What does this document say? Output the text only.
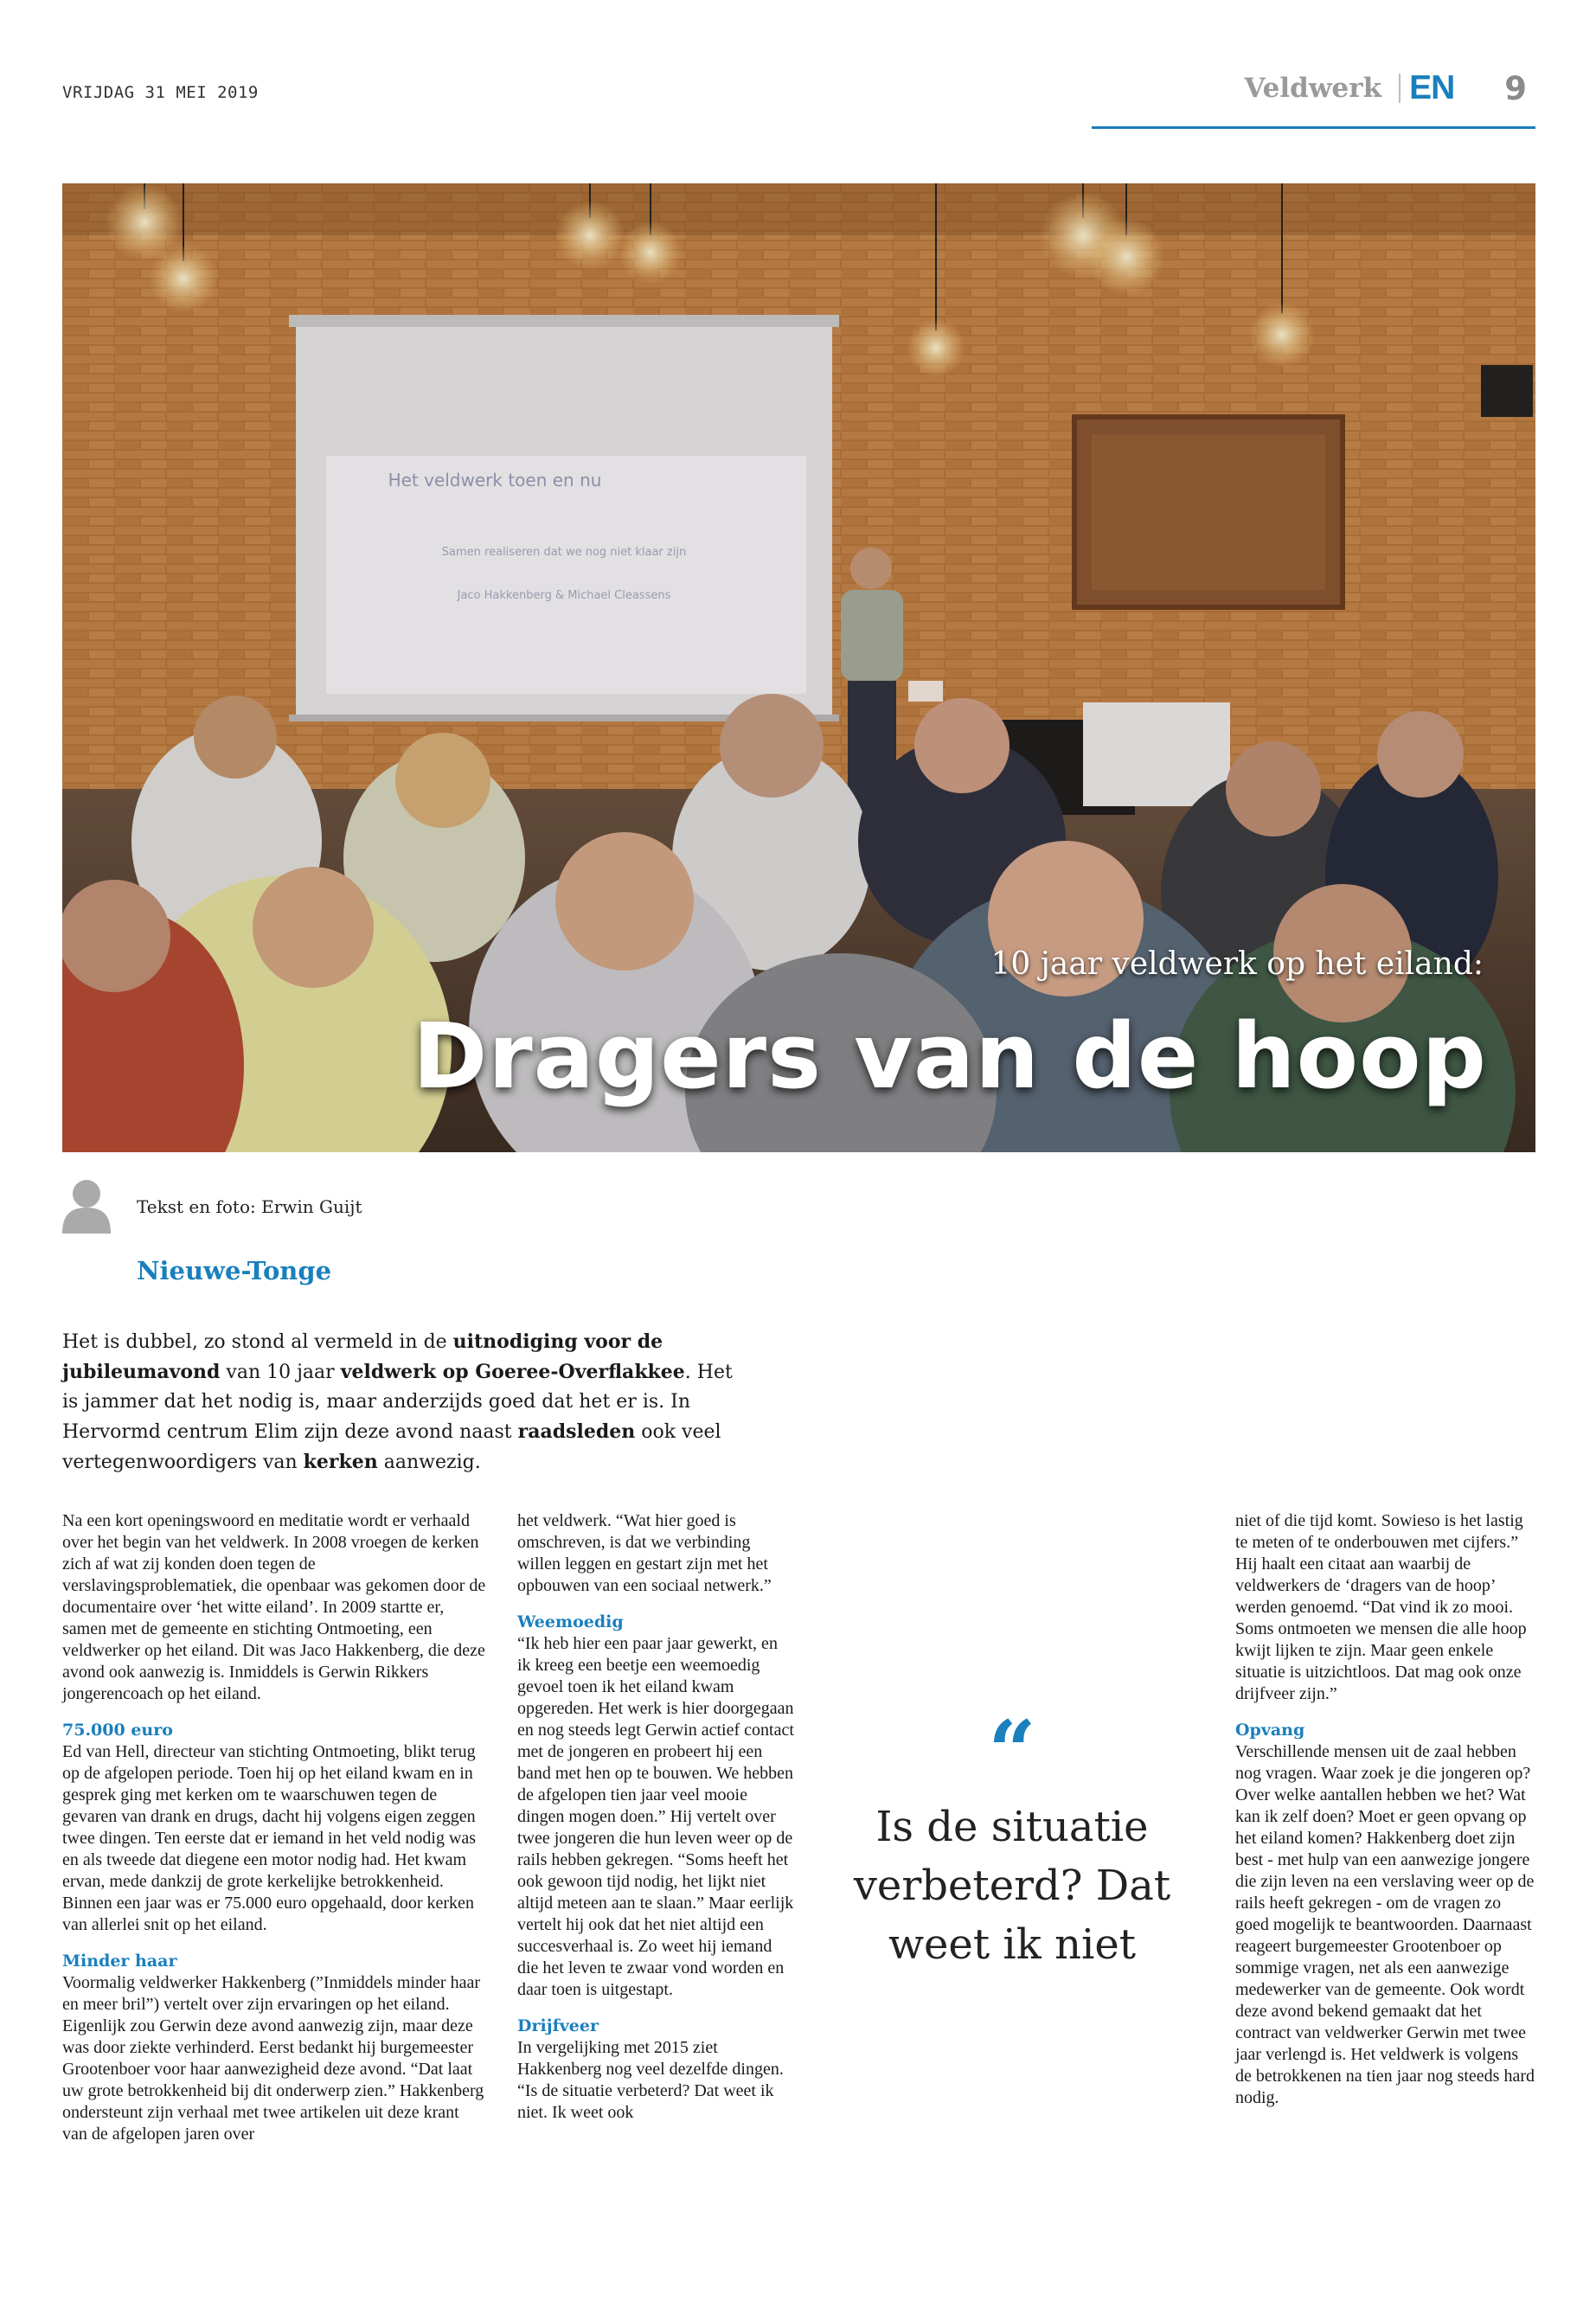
VRIJDAG 31 MEI 2019	Veldwerk EN 9
Het veldwerk toen en nu
Samen realiseren dat we nog niet klaar zijn
Jaco Hakkenberg & Michael Cleassens
10 jaar veldwerk op het eiland:
Dragers van de hoop
Tekst en foto: Erwin Guijt
Nieuwe-Tonge
Het is dubbel, zo stond al vermeld in de uitnodiging voor de jubileumavond van 10 jaar veldwerk op Goeree-Overflakkee. Het is jammer dat het nodig is, maar anderzijds goed dat het er is. In Hervormd centrum Elim zijn deze avond naast raadsleden ook veel vertegenwoordigers van kerken aanwezig.

Na een kort openingswoord en meditatie wordt er verhaald over het begin van het veldwerk. In 2008 vroegen de kerken zich af wat zij konden doen tegen de verslavingsproblematiek, die openbaar was gekomen door de documentaire over ‘het witte eiland’. In 2009 startte er, samen met de gemeente en stichting Ontmoeting, een veldwerker op het eiland. Dit was Jaco Hakkenberg, die deze avond ook aanwezig is. Inmiddels is Gerwin Rikkers jongerencoach op het eiland.

75.000 euro

Ed van Hell, directeur van stichting Ontmoeting, blikt terug op de afgelopen periode. Toen hij op het eiland kwam en in gesprek ging met kerken om te waarschuwen tegen de gevaren van drank en drugs, dacht hij volgens eigen zeggen twee dingen. Ten eerste dat er iemand in het veld nodig was en als tweede dat diegene een motor nodig had. Het kwam ervan, mede dankzij de grote kerkelijke betrokkenheid. Binnen een jaar was er 75.000 euro opgehaald, door kerken van allerlei snit op het eiland.

Minder haar

Voormalig veldwerker Hakkenberg (”Inmiddels minder haar en meer bril”) vertelt over zijn ervaringen op het eiland. Eigenlijk zou Gerwin deze avond aanwezig zijn, maar deze was door ziekte verhinderd. Eerst bedankt hij burgemeester Grootenboer voor haar aanwezigheid deze avond. “Dat laat uw grote betrokkenheid bij dit onderwerp zien.” Hakkenberg ondersteunt zijn verhaal met twee artikelen uit deze krant van de afgelopen jaren over

het veldwerk. “Wat hier goed is omschreven, is dat we verbinding willen leggen en gestart zijn met het opbouwen van een sociaal netwerk.”

Weemoedig

“Ik heb hier een paar jaar gewerkt, en ik kreeg een beetje een weemoedig gevoel toen ik het eiland kwam opgereden. Het werk is hier doorgegaan en nog steeds legt Gerwin actief contact met de jongeren en probeert hij een band met hen op te bouwen. We hebben de afgelopen tien jaar veel mooie dingen mogen doen.” Hij vertelt over twee jongeren die hun leven weer op de rails hebben gekregen. “Soms heeft het ook gewoon tijd nodig, het lijkt niet altijd meteen aan te slaan.” Maar eerlijk vertelt hij ook dat het niet altijd een succesverhaal is. Zo weet hij iemand die het leven te zwaar vond worden en daar toen is uitgestapt.

Drijfveer

In vergelijking met 2015 ziet Hakkenberg nog veel dezelfde dingen. “Is de situatie verbeterd? Dat weet ik niet. Ik weet ook

“
Is de situatie verbeterd? Dat weet ik niet

niet of die tijd komt. Sowieso is het lastig te meten of te onderbouwen met cijfers.” Hij haalt een citaat aan waarbij de veldwerkers de ‘dragers van de hoop’ werden genoemd. “Dat vind ik zo mooi. Soms ontmoeten we mensen die alle hoop kwijt lijken te zijn. Maar geen enkele situatie is uitzichtloos. Dat mag ook onze drijfveer zijn.”

Opvang

Verschillende mensen uit de zaal hebben nog vragen. Waar zoek je die jongeren op? Over welke aantallen hebben we het? Wat kan ik zelf doen? Moet er geen opvang op het eiland komen? Hakkenberg doet zijn best - met hulp van een aanwezige jongere die zijn leven na een verslaving weer op de rails heeft gekregen - om de vragen zo goed mogelijk te beantwoorden. Daarnaast reageert burgemeester Grootenboer op sommige vragen, net als een aanwezige medewerker van de gemeente. Ook wordt deze avond bekend gemaakt dat het contract van veldwerker Gerwin met twee jaar verlengd is. Het veldwerk is volgens de betrokkenen na tien jaar nog steeds hard nodig.
